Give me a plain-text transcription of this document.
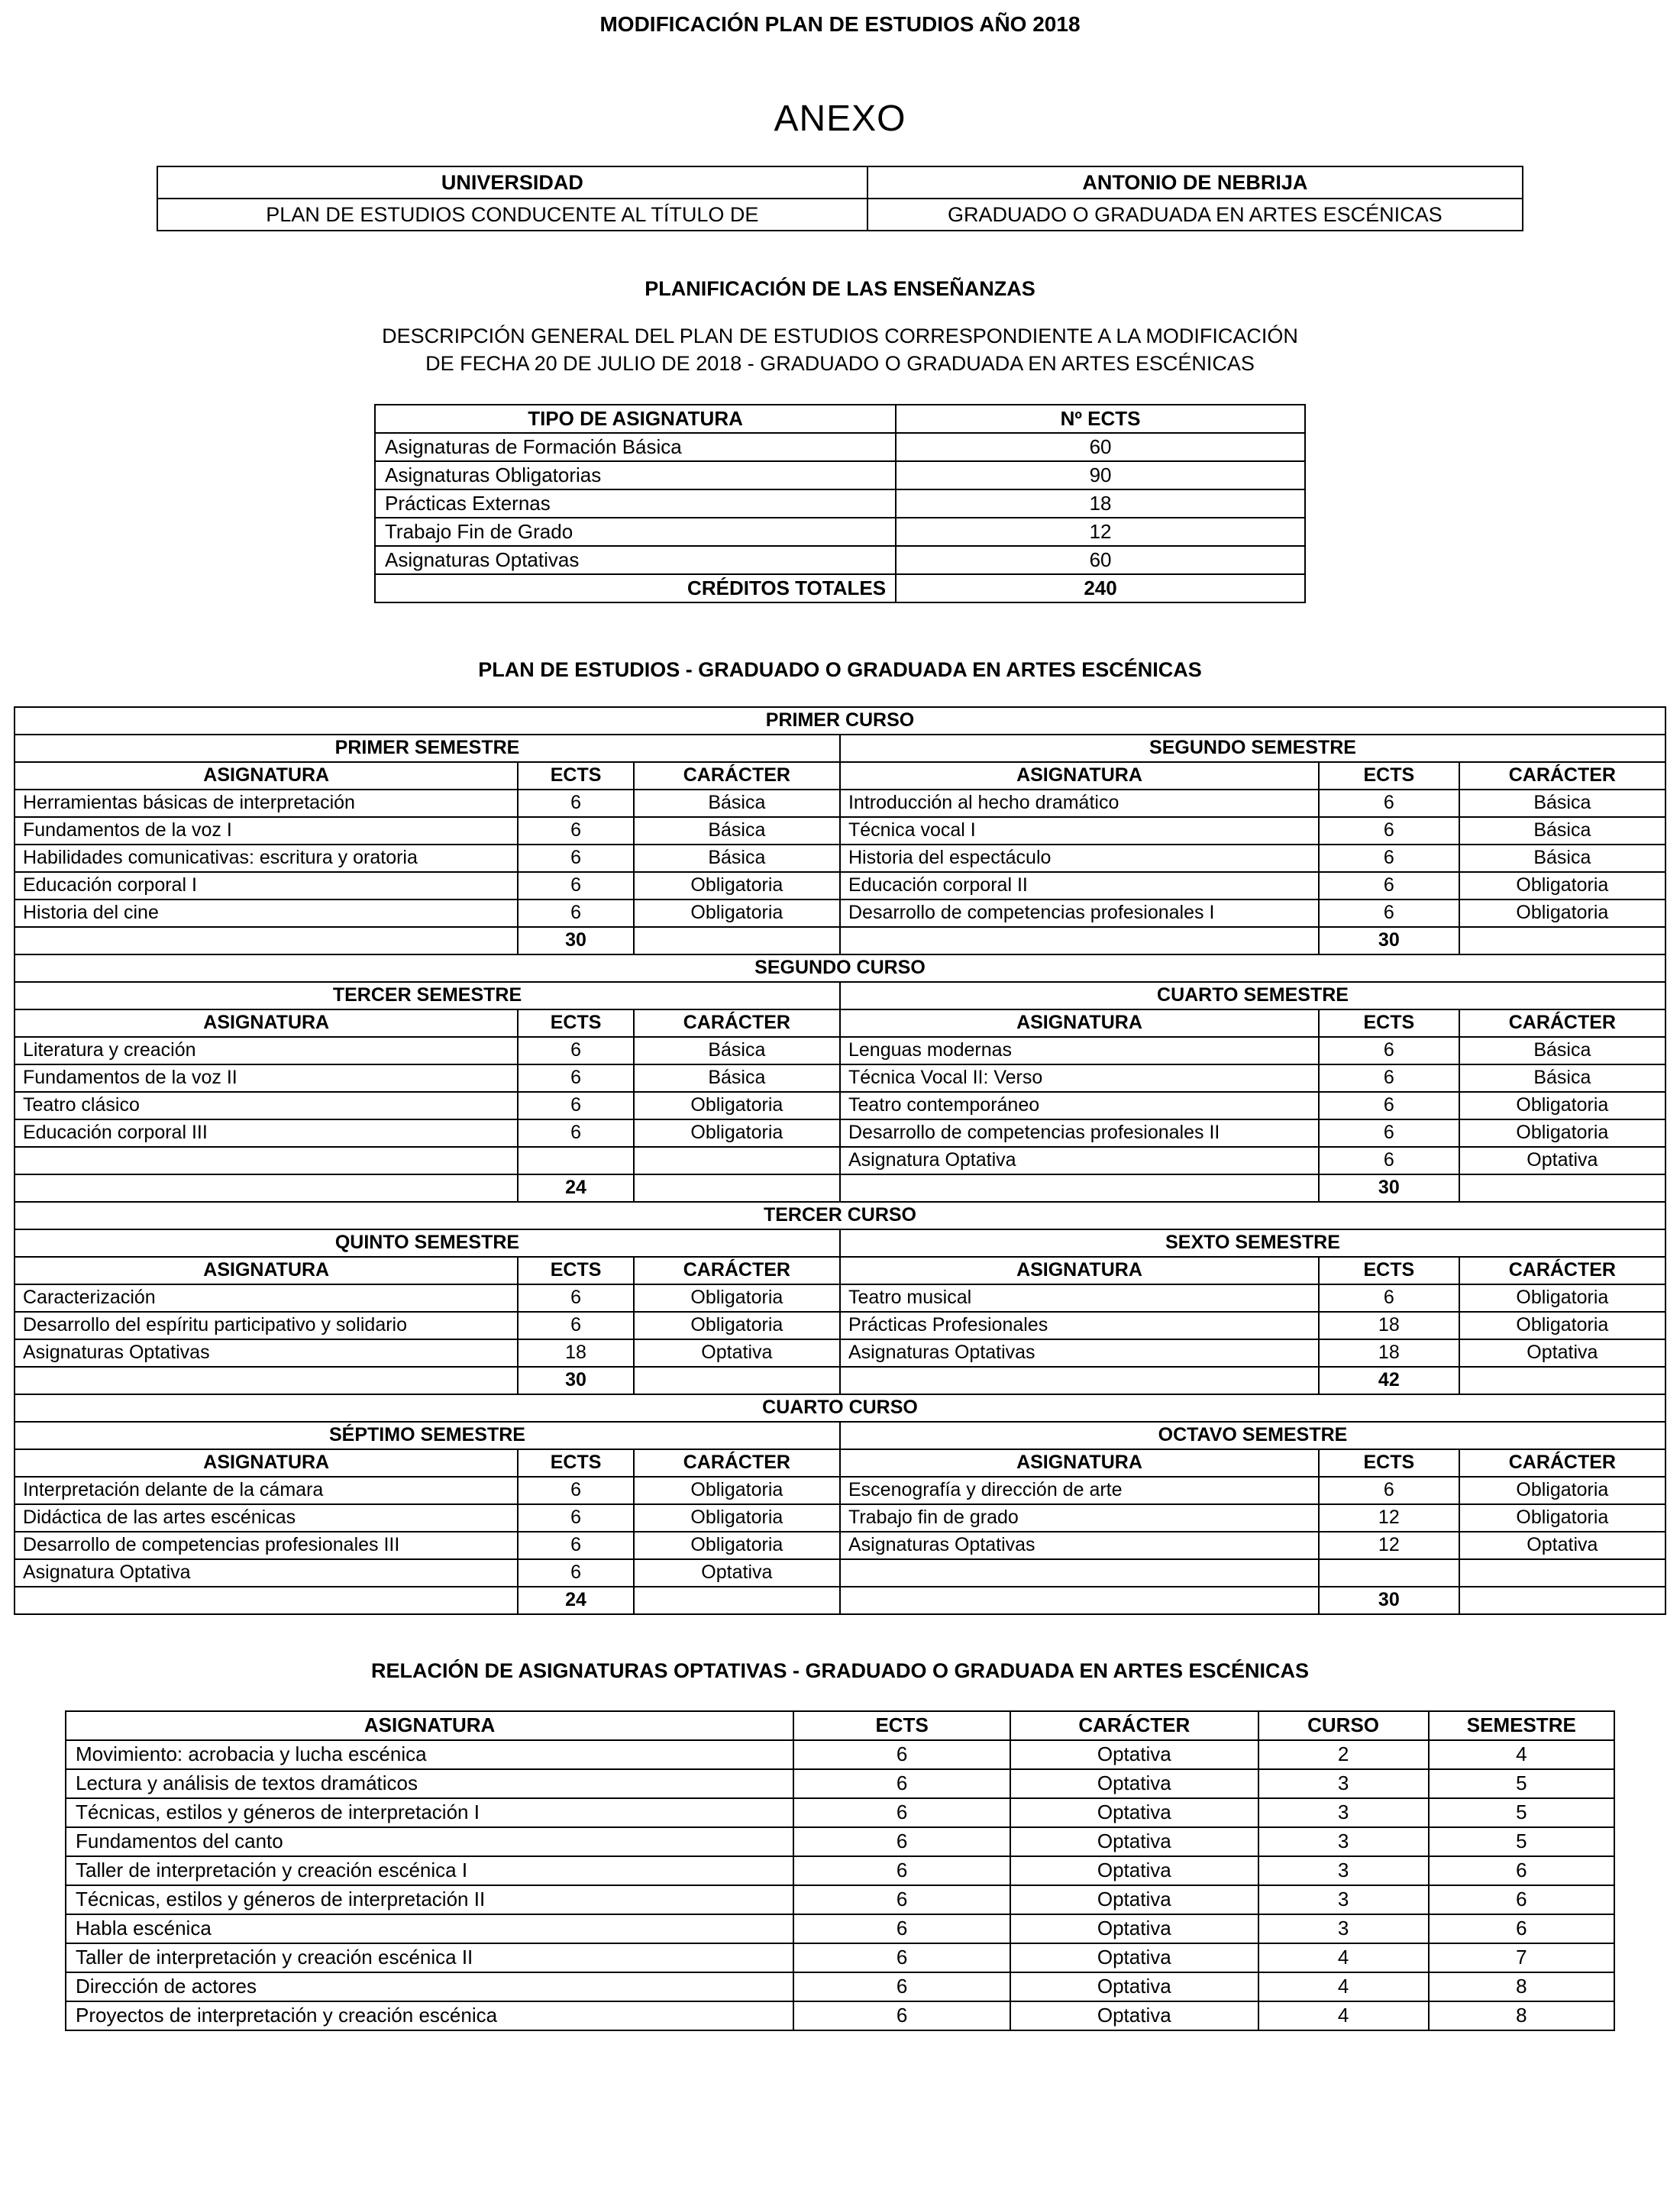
MODIFICACIÓN PLAN DE ESTUDIOS AÑO 2018
ANEXO
UNIVERSIDAD	ANTONIO DE NEBRIJA
PLAN DE ESTUDIOS CONDUCENTE AL TÍTULO DE	GRADUADO O GRADUADA EN ARTES ESCÉNICAS
PLANIFICACIÓN DE LAS ENSEÑANZAS
DESCRIPCIÓN GENERAL DEL PLAN DE ESTUDIOS CORRESPONDIENTE A LA MODIFICACIÓN
DE FECHA 20 DE JULIO DE 2018 - GRADUADO O GRADUADA EN ARTES ESCÉNICAS
TIPO DE ASIGNATURA	Nº ECTS
Asignaturas de Formación Básica	60
Asignaturas Obligatorias	90
Prácticas Externas	18
Trabajo Fin de Grado	12
Asignaturas Optativas	60
CRÉDITOS TOTALES	240
PLAN DE ESTUDIOS - GRADUADO O GRADUADA EN ARTES ESCÉNICAS
PRIMER CURSO					
PRIMER SEMESTRE			SEGUNDO SEMESTRE		
ASIGNATURA	ECTS	CARÁCTER	ASIGNATURA	ECTS	CARÁCTER
Herramientas básicas de interpretación	6	Básica	Introducción al hecho dramático	6	Básica
Fundamentos de la voz I	6	Básica	Técnica vocal I	6	Básica
Habilidades comunicativas: escritura y oratoria	6	Básica	Historia del espectáculo	6	Básica
Educación corporal I	6	Obligatoria	Educación corporal II	6	Obligatoria
Historia del cine	6	Obligatoria	Desarrollo de competencias profesionales I	6	Obligatoria
	30			30	
SEGUNDO CURSO					
TERCER SEMESTRE			CUARTO SEMESTRE		
ASIGNATURA	ECTS	CARÁCTER	ASIGNATURA	ECTS	CARÁCTER
Literatura y creación	6	Básica	Lenguas modernas	6	Básica
Fundamentos de la voz II	6	Básica	Técnica Vocal II: Verso	6	Básica
Teatro clásico	6	Obligatoria	Teatro contemporáneo	6	Obligatoria
Educación corporal III	6	Obligatoria	Desarrollo de competencias profesionales II	6	Obligatoria
			Asignatura Optativa	6	Optativa
	24			30	
TERCER CURSO					
QUINTO SEMESTRE			SEXTO SEMESTRE		
ASIGNATURA	ECTS	CARÁCTER	ASIGNATURA	ECTS	CARÁCTER
Caracterización	6	Obligatoria	Teatro musical	6	Obligatoria
Desarrollo del espíritu participativo y solidario	6	Obligatoria	Prácticas Profesionales	18	Obligatoria
Asignaturas Optativas	18	Optativa	Asignaturas Optativas	18	Optativa
	30			42	
CUARTO CURSO					
SÉPTIMO SEMESTRE			OCTAVO SEMESTRE		
ASIGNATURA	ECTS	CARÁCTER	ASIGNATURA	ECTS	CARÁCTER
Interpretación delante de la cámara	6	Obligatoria	Escenografía y dirección de arte	6	Obligatoria
Didáctica de las artes escénicas	6	Obligatoria	Trabajo fin de grado	12	Obligatoria
Desarrollo de competencias profesionales III	6	Obligatoria	Asignaturas Optativas	12	Optativa
Asignatura Optativa	6	Optativa			
	24			30	
RELACIÓN DE ASIGNATURAS OPTATIVAS - GRADUADO O GRADUADA EN ARTES ESCÉNICAS
ASIGNATURA	ECTS	CARÁCTER	CURSO	SEMESTRE
Movimiento: acrobacia y lucha escénica	6	Optativa	2	4
Lectura y análisis de textos dramáticos	6	Optativa	3	5
Técnicas, estilos y géneros de interpretación I	6	Optativa	3	5
Fundamentos del canto	6	Optativa	3	5
Taller de interpretación y creación escénica I	6	Optativa	3	6
Técnicas, estilos y géneros de interpretación II	6	Optativa	3	6
Habla escénica	6	Optativa	3	6
Taller de interpretación y creación escénica II	6	Optativa	4	7
Dirección de actores	6	Optativa	4	8
Proyectos de interpretación y creación escénica	6	Optativa	4	8
